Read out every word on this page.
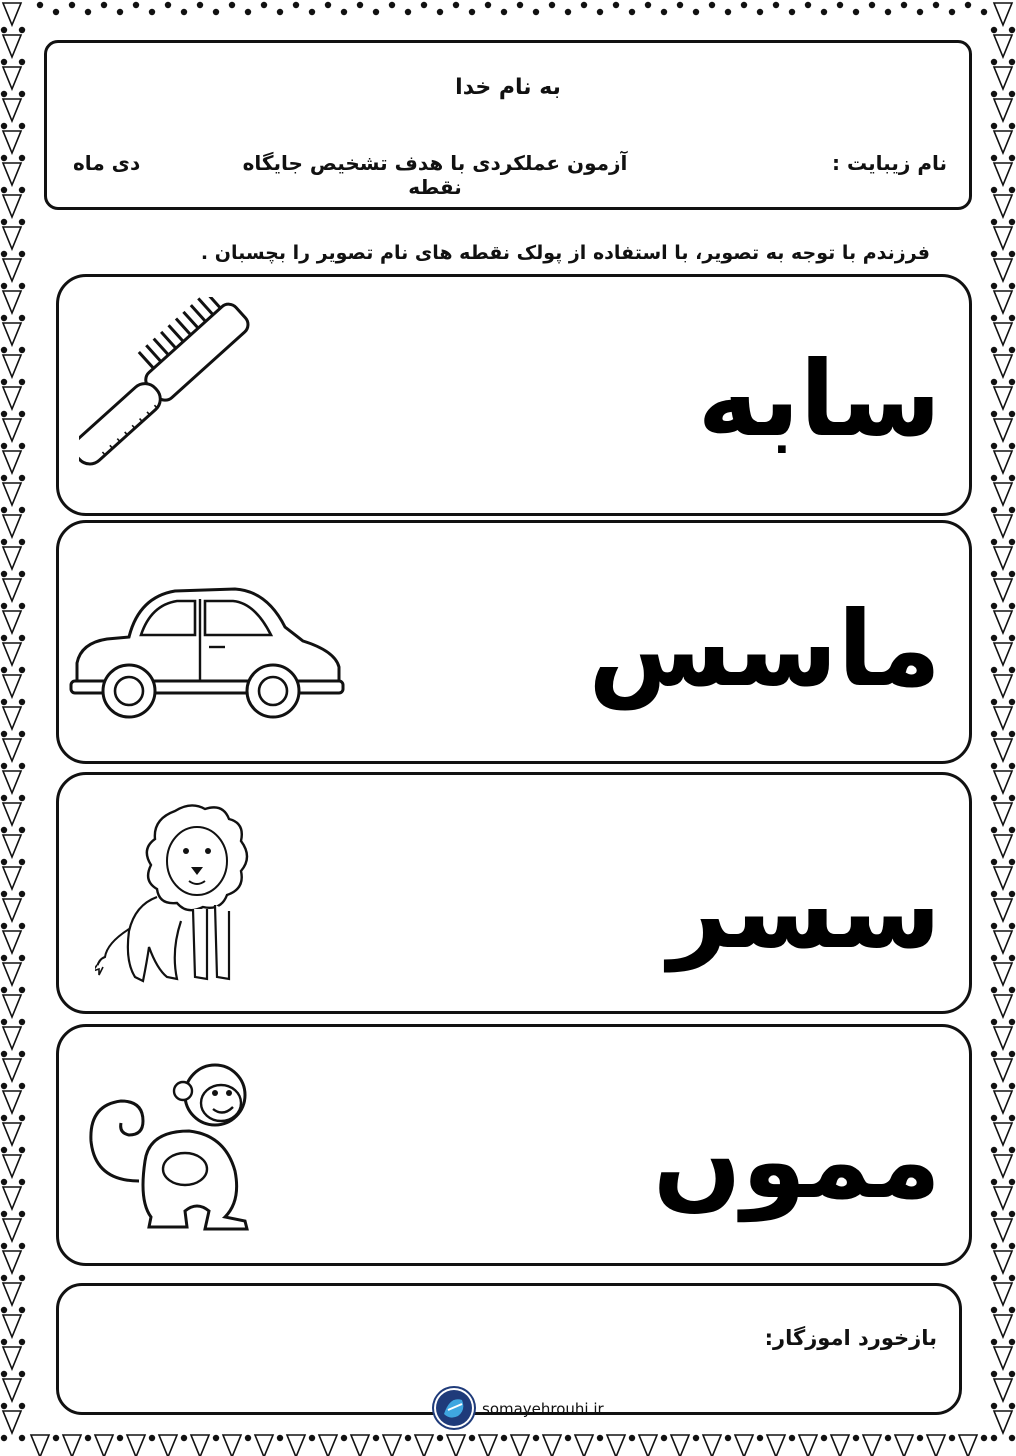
به نام خدا
نام زیبایت :
آزمون عملکردی با هدف تشخیص جایگاه نقطه
دی ماه
فرزندم با توجه به تصویر، با استفاده از پولک نقطه های نام تصویر را بچسبان .
سابه
ماسس
سسر
مموں
بازخورد اموزگار:
somayehrouhi.ir
